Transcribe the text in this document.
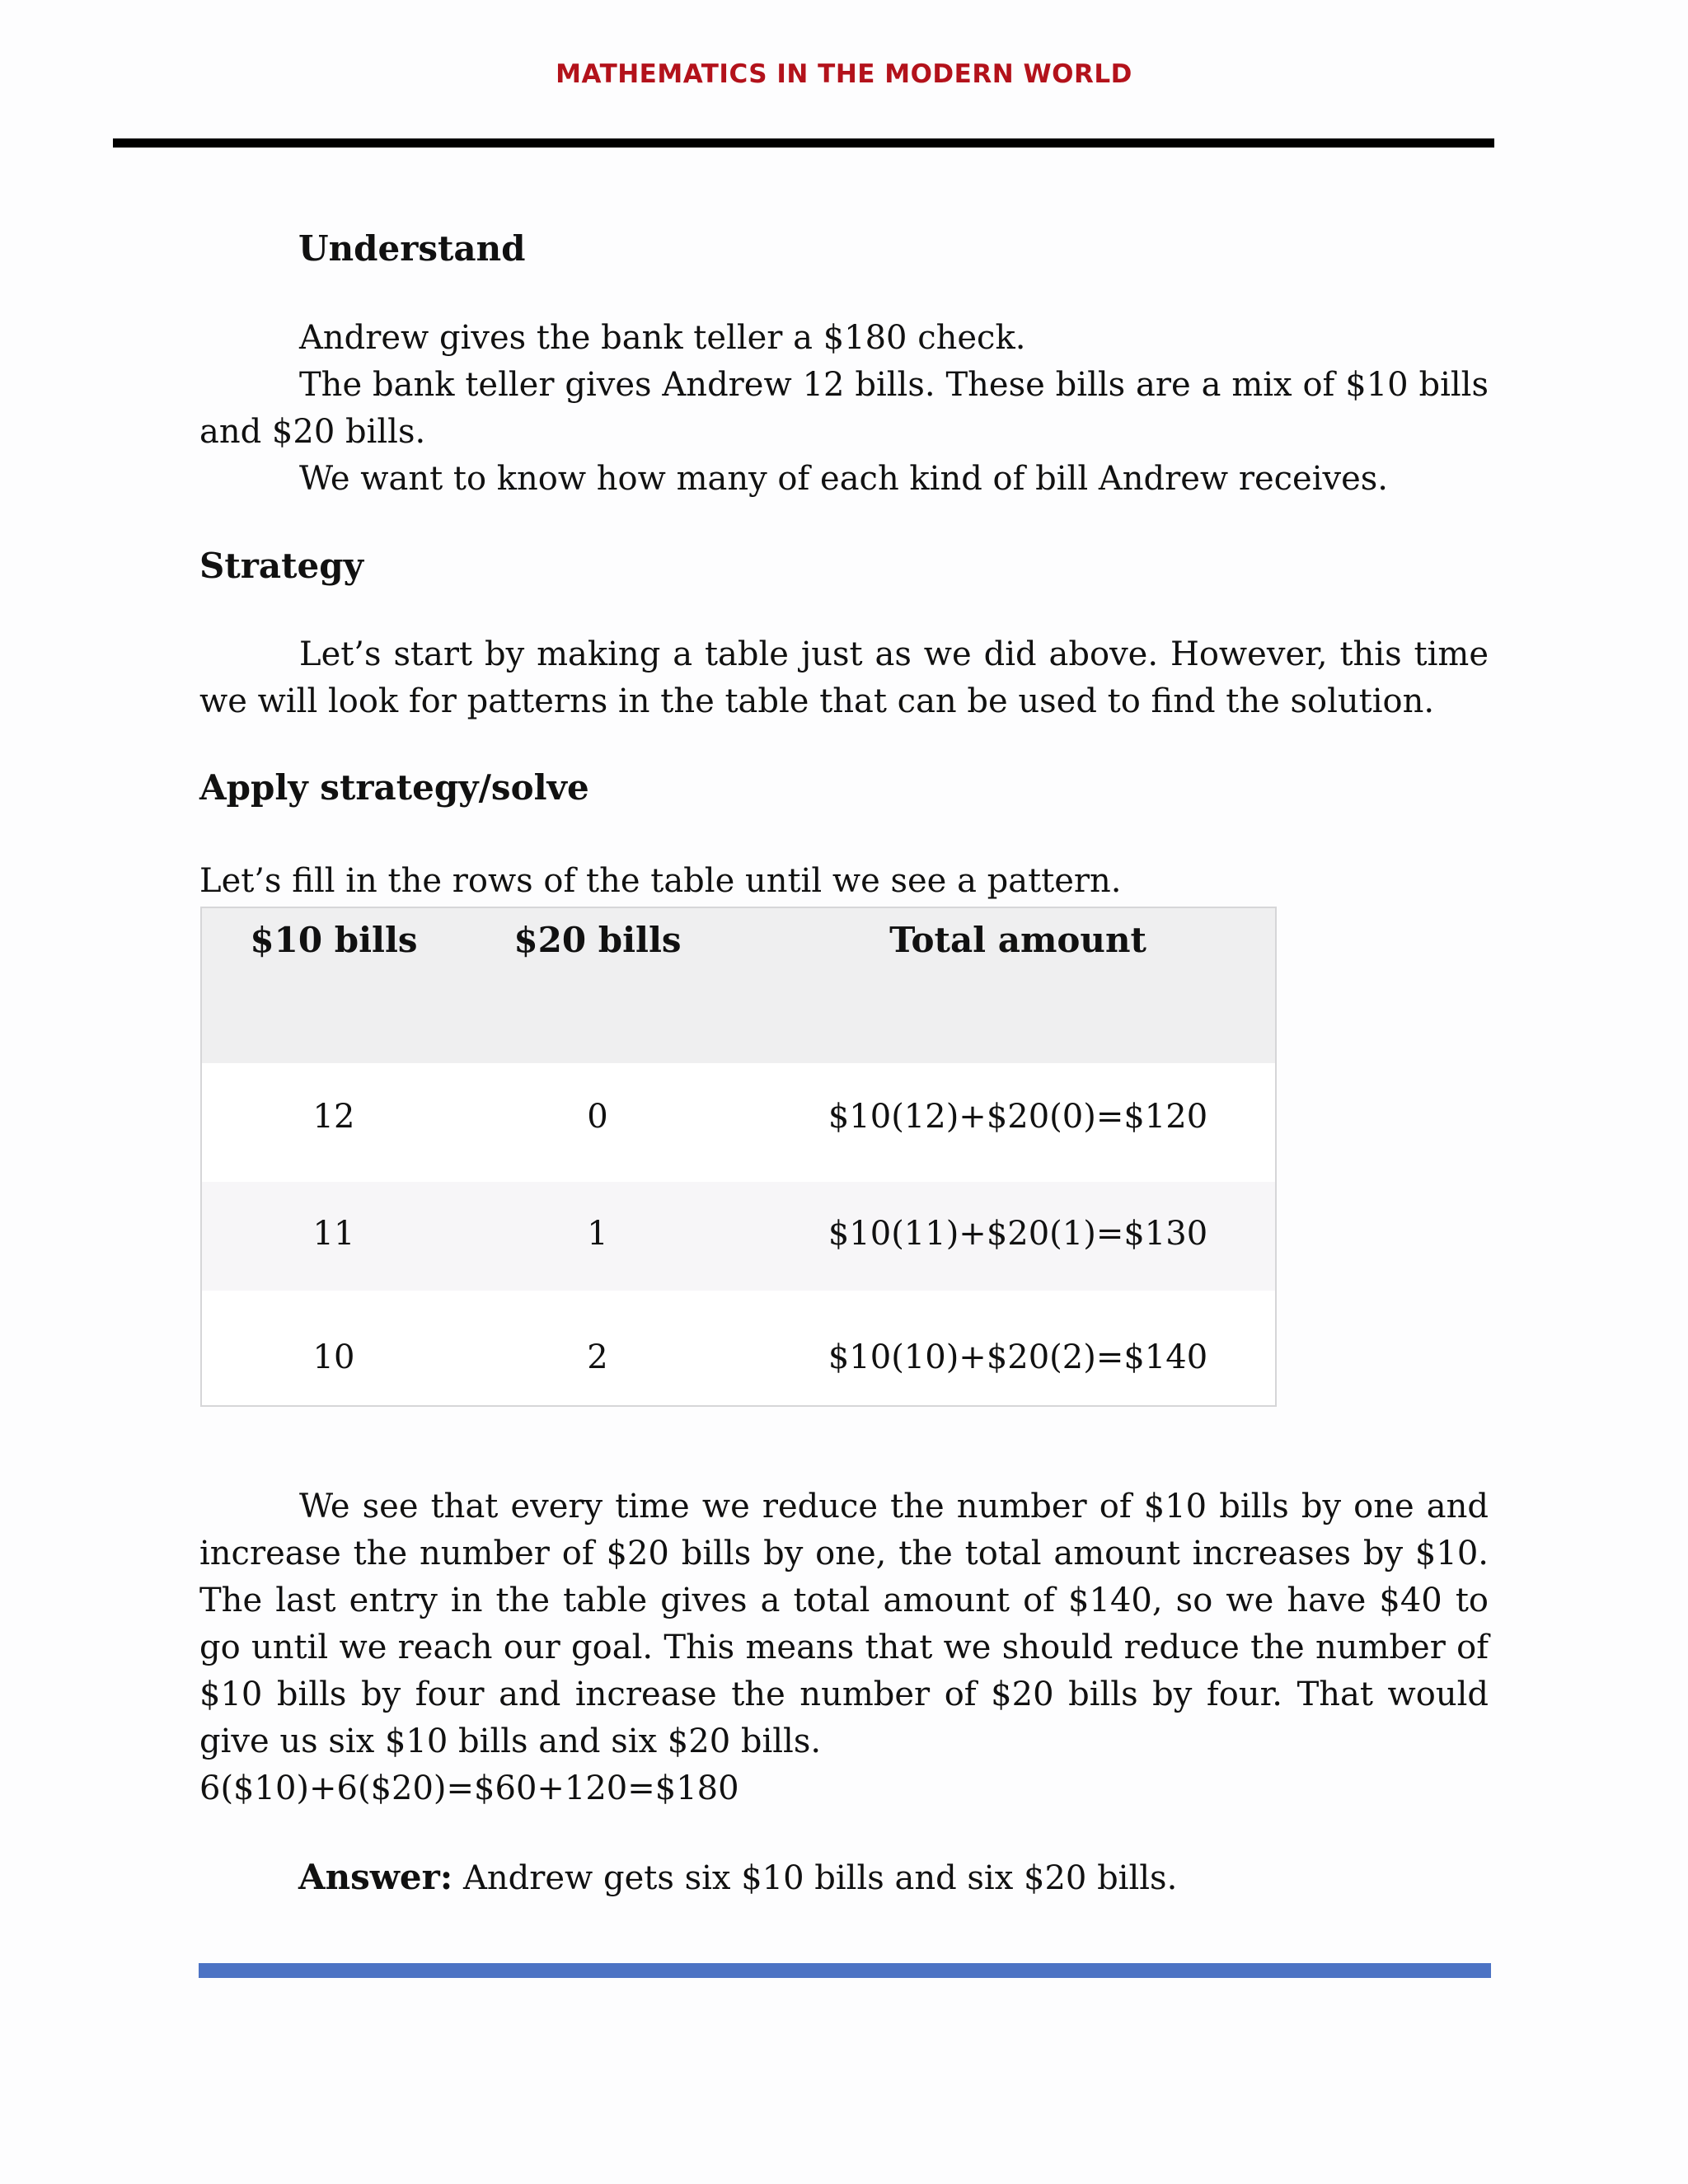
MATHEMATICS IN THE MODERN WORLD
Understand

Andrew gives the bank teller a $180 check.

The bank teller gives Andrew 12 bills. These bills are a mix of $10 bills and $20 bills.

We want to know how many of each kind of bill Andrew receives.

Strategy

Let’s start by making a table just as we did above. However, this time we will look for patterns in the table that can be used to find the solution.

Apply strategy/solve
Let’s fill in the rows of the table until we see a pattern.
$10 bills	$20 bills	Total amount
12	0	$10(12)+$20(0)=$120
11	1	$10(11)+$20(1)=$130
10	2	$10(10)+$20(2)=$140

We see that every time we reduce the number of $10 bills by one and increase the number of $20 bills by one, the total amount increases by $10. The last entry in the table gives a total amount of $140, so we have $40 to go until we reach our goal. This means that we should reduce the number of $10 bills by four and increase the number of $20 bills by four. That would give us six $10 bills and six $20 bills.

6($10)+6($20)=$60+120=$180

Answer: Andrew gets six $10 bills and six $20 bills.
